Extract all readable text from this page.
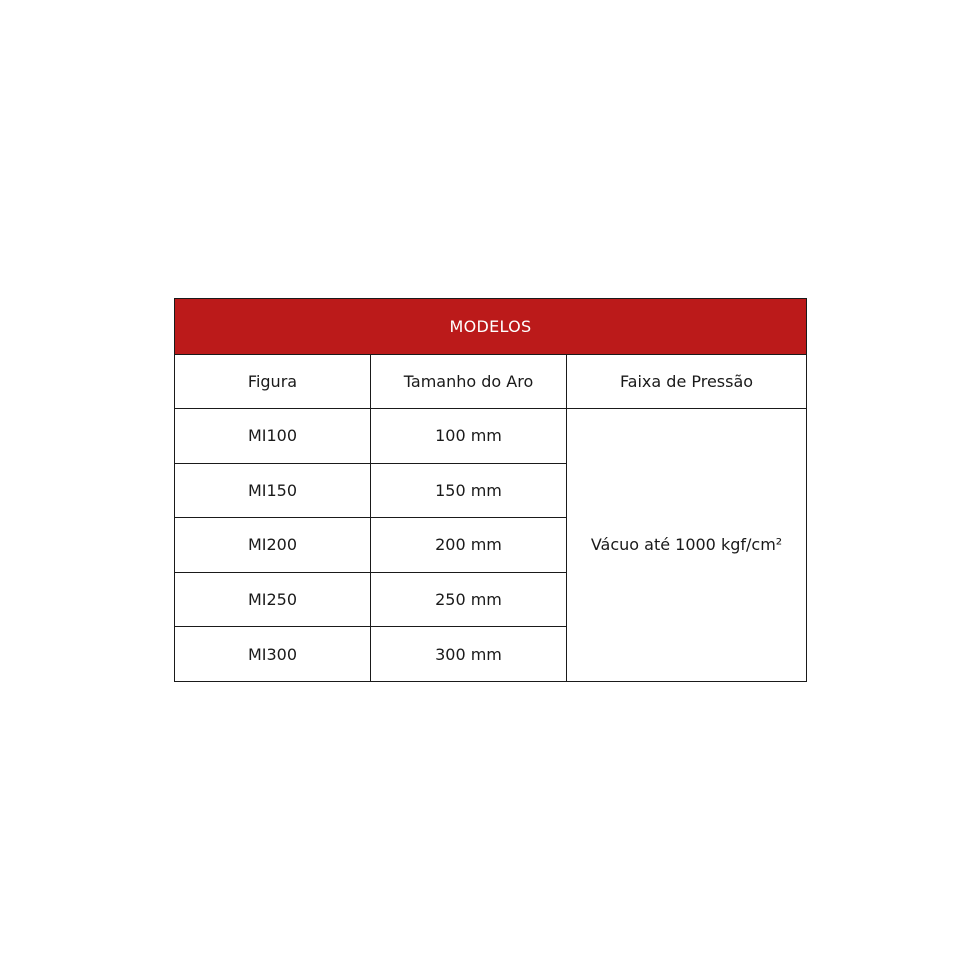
MODELOS		
Figura	Tamanho do Aro	Faixa de Pressão
MI100	100 mm	Vácuo até 1000 kgf/cm²
MI150	150 mm	
MI200	200 mm	
MI250	250 mm	
MI300	300 mm	
